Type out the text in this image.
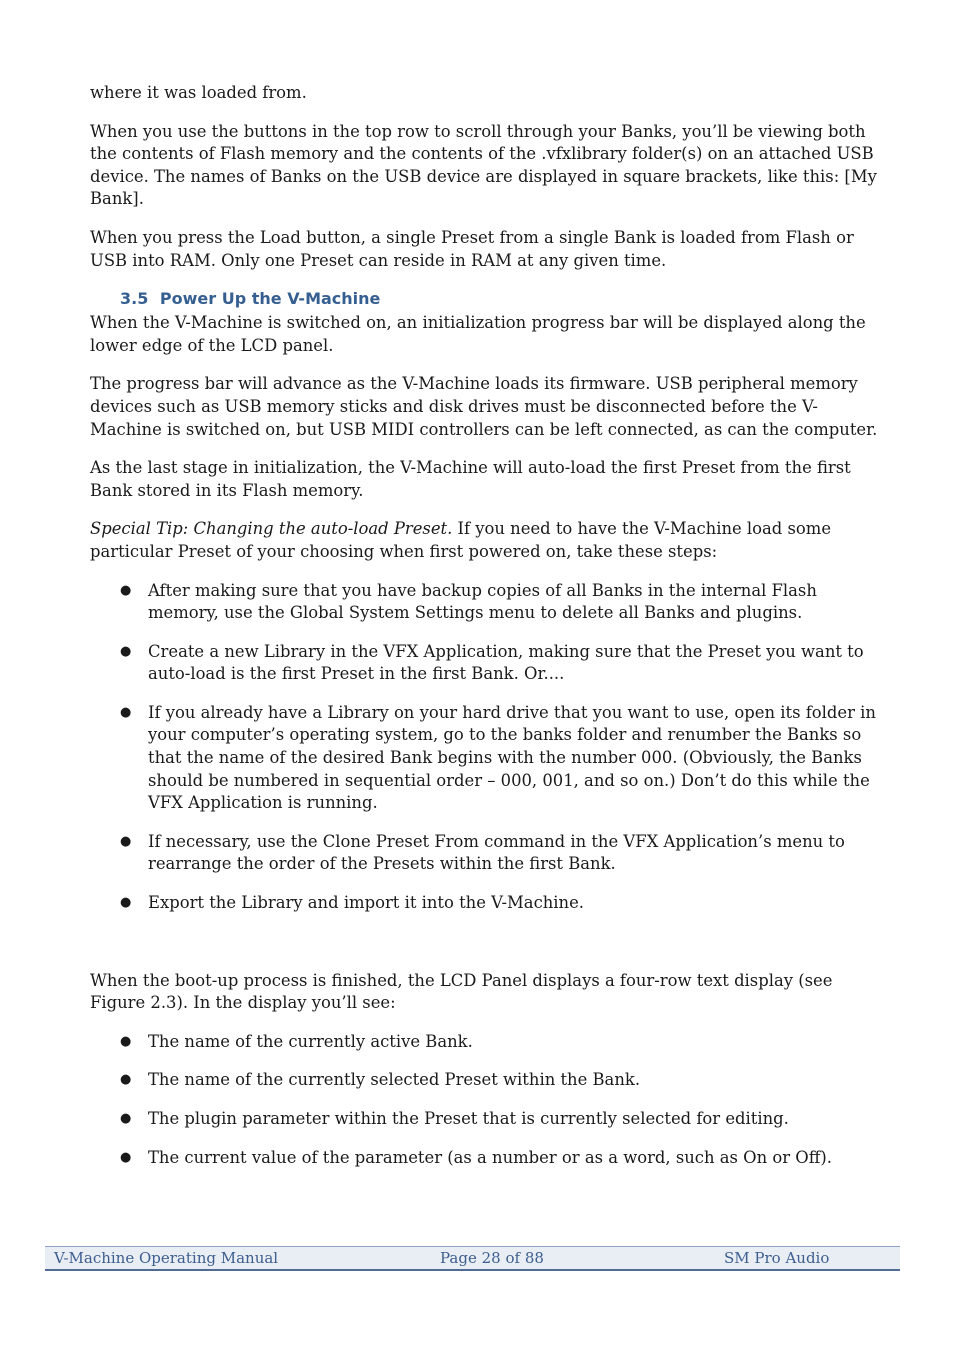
where it was loaded from.

When you use the buttons in the top row to scroll through your Banks, you’ll be viewing both the contents of Flash memory and the contents of the .vfxlibrary folder(s) on an attached USB device. The names of Banks on the USB device are displayed in square brackets, like this: [My Bank].

When you press the Load button, a single Preset from a single Bank is loaded from Flash or USB into RAM. Only one Preset can reside in RAM at any given time.

3.5 Power Up the V-Machine

When the V-Machine is switched on, an initialization progress bar will be displayed along the lower edge of the LCD panel.

The progress bar will advance as the V-Machine loads its firmware. USB peripheral memory devices such as USB memory sticks and disk drives must be disconnected before the V-Machine is switched on, but USB MIDI controllers can be left connected, as can the computer.

As the last stage in initialization, the V-Machine will auto-load the first Preset from the first Bank stored in its Flash memory.

Special Tip: Changing the auto-load Preset. If you need to have the V-Machine load some particular Preset of your choosing when first powered on, take these steps:

● After making sure that you have backup copies of all Banks in the internal Flash memory, use the Global System Settings menu to delete all Banks and plugins.
● Create a new Library in the VFX Application, making sure that the Preset you want to auto-load is the first Preset in the first Bank. Or....
● If you already have a Library on your hard drive that you want to use, open its folder in your computer’s operating system, go to the banks folder and renumber the Banks so that the name of the desired Bank begins with the number 000. (Obviously, the Banks should be numbered in sequential order – 000, 001, and so on.) Don’t do this while the VFX Application is running.
● If necessary, use the Clone Preset From command in the VFX Application’s menu to rearrange the order of the Presets within the first Bank.
● Export the Library and import it into the V-Machine.

When the boot-up process is finished, the LCD Panel displays a four-row text display (see Figure 2.3). In the display you’ll see:

● The name of the currently active Bank.
● The name of the currently selected Preset within the Bank.
● The plugin parameter within the Preset that is currently selected for editing.
● The current value of the parameter (as a number or as a word, such as On or Off).
V-Machine Operating Manual	Page 28 of 88	SM Pro Audio
